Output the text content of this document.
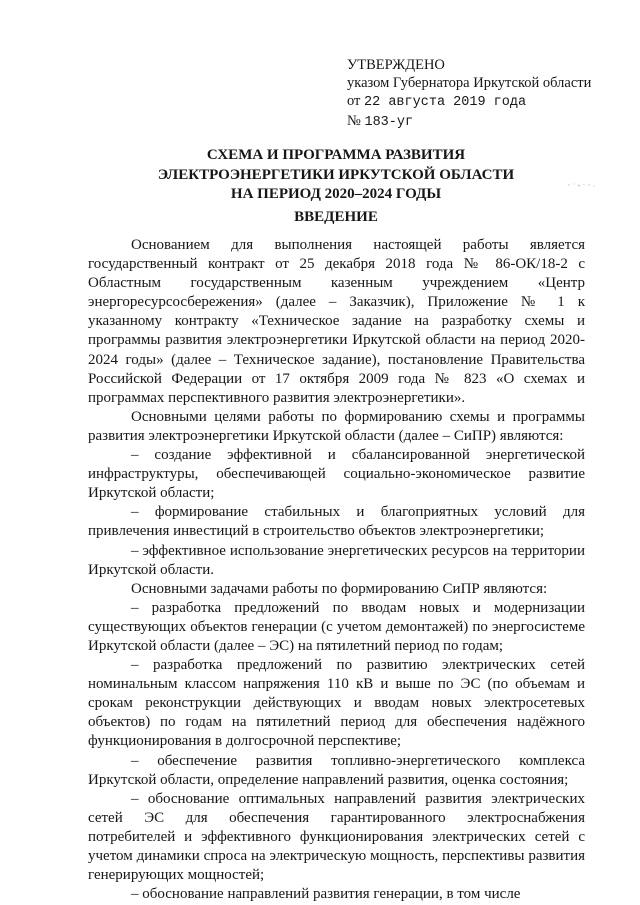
УТВЕРЖДЕНО
указом Губернатора Иркутской области
от 22 августа 2019 года
№ 183-уг
СХЕМА И ПРОГРАММА РАЗВИТИЯ
ЭЛЕКТРОЭНЕРГЕТИКИ ИРКУТСКОЙ ОБЛАСТИ
НА ПЕРИОД 2020–2024 ГОДЫ
ВВЕДЕНИЕ

Основанием для выполнения настоящей работы является государственный контракт от 25 декабря 2018 года № 86-ОК/18-2 с Областным государственным казенным учреждением «Центр энергоресурсосбережения» (далее – Заказчик), Приложение № 1 к указанному контракту «Техническое задание на разработку схемы и программы развития электроэнергетики Иркутской области на период 2020-2024 годы» (далее – Техническое задание), постановление Правительства Российской Федерации от 17 октября 2009 года № 823 «О схемах и программах перспективного развития электроэнергетики».

Основными целями работы по формированию схемы и программы развития электроэнергетики Иркутской области (далее – СиПР) являются:

– создание эффективной и сбалансированной энергетической инфраструктуры, обеспечивающей социально-экономическое развитие Иркутской области;

– формирование стабильных и благоприятных условий для привлечения инвестиций в строительство объектов электроэнергетики;

– эффективное использование энергетических ресурсов на территории Иркутской области.

Основными задачами работы по формированию СиПР являются:

– разработка предложений по вводам новых и модернизации существующих объектов генерации (с учетом демонтажей) по энергосистеме Иркутской области (далее – ЭС) на пятилетний период по годам;

– разработка предложений по развитию электрических сетей номинальным классом напряжения 110 кВ и выше по ЭС (по объемам и срокам реконструкции действующих и вводам новых электросетевых объектов) по годам на пятилетний период для обеспечения надёжного функционирования в долгосрочной перспективе;

– обеспечение развития топливно-энергетического комплекса Иркутской области, определение направлений развития, оценка состояния;

– обоснование оптимальных направлений развития электрических сетей ЭС для обеспечения гарантированного электроснабжения потребителей и эффективного функционирования электрических сетей с учетом динамики спроса на электрическую мощность, перспективы развития генерирующих мощностей;

– обоснование направлений развития генерации, в том числе
